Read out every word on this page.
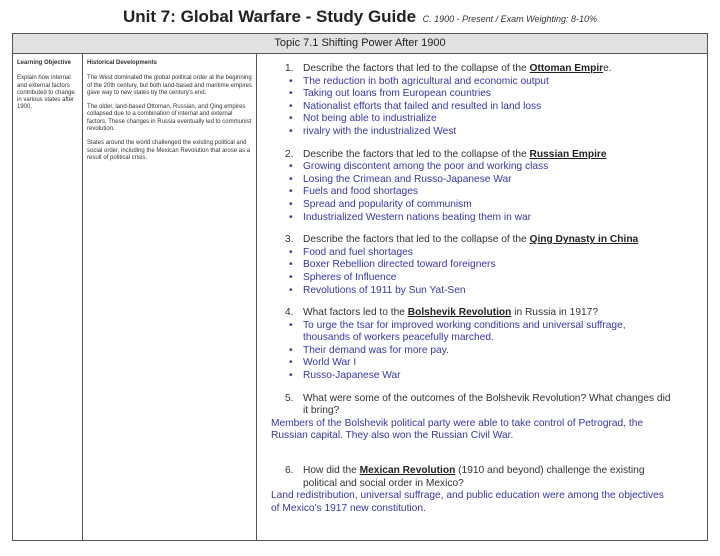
Unit 7: Global Warfare - Study Guide C. 1900 - Present / Exam Weighting: 8-10%
Topic 7.1 Shifting Power After 1900
Learning Objective
Explain how internal and external factors contributed to change in various states after 1900.
Historical Developments

The West dominated the global political order at the beginning of the 20th century, but both land-based and maritime empires gave way to new states by the century's end.

The older, land-based Ottoman, Russian, and Qing empires collapsed due to a combination of internal and external factors. These changes in Russia eventually led to communist revolution.

States around the world challenged the existing political and social order, including the Mexican Revolution that arose as a result of political crisis.

1. Describe the factors that led to the collapse of the Ottoman Empire.
• The reduction in both agricultural and economic output
• Taking out loans from European countries
• Nationalist efforts that failed and resulted in land loss
• Not being able to industrialize
• rivalry with the industrialized West
2. Describe the factors that led to the collapse of the Russian Empire
• Growing discontent among the poor and working class
• Losing the Crimean and Russo-Japanese War
• Fuels and food shortages
• Spread and popularity of communism
• Industrialized Western nations beating them in war
3. Describe the factors that led to the collapse of the Qing Dynasty in China
• Food and fuel shortages
• Boxer Rebellion directed toward foreigners
• Spheres of Influence
• Revolutions of 1911 by Sun Yat-Sen
4. What factors led to the Bolshevik Revolution in Russia in 1917?
• To urge the tsar for improved working conditions and universal suffrage,
thousands of workers peacefully marched.
• Their demand was for more pay.
• World War I
• Russo-Japanese War
5. What were some of the outcomes of the Bolshevik Revolution? What changes did
it bring?
Members of the Bolshevik political party were able to take control of Petrograd, the
Russian capital. They also won the Russian Civil War.
6. How did the Mexican Revolution (1910 and beyond) challenge the existing
political and social order in Mexico?
Land redistribution, universal suffrage, and public education were among the objectives
of Mexico's 1917 new constitution.
